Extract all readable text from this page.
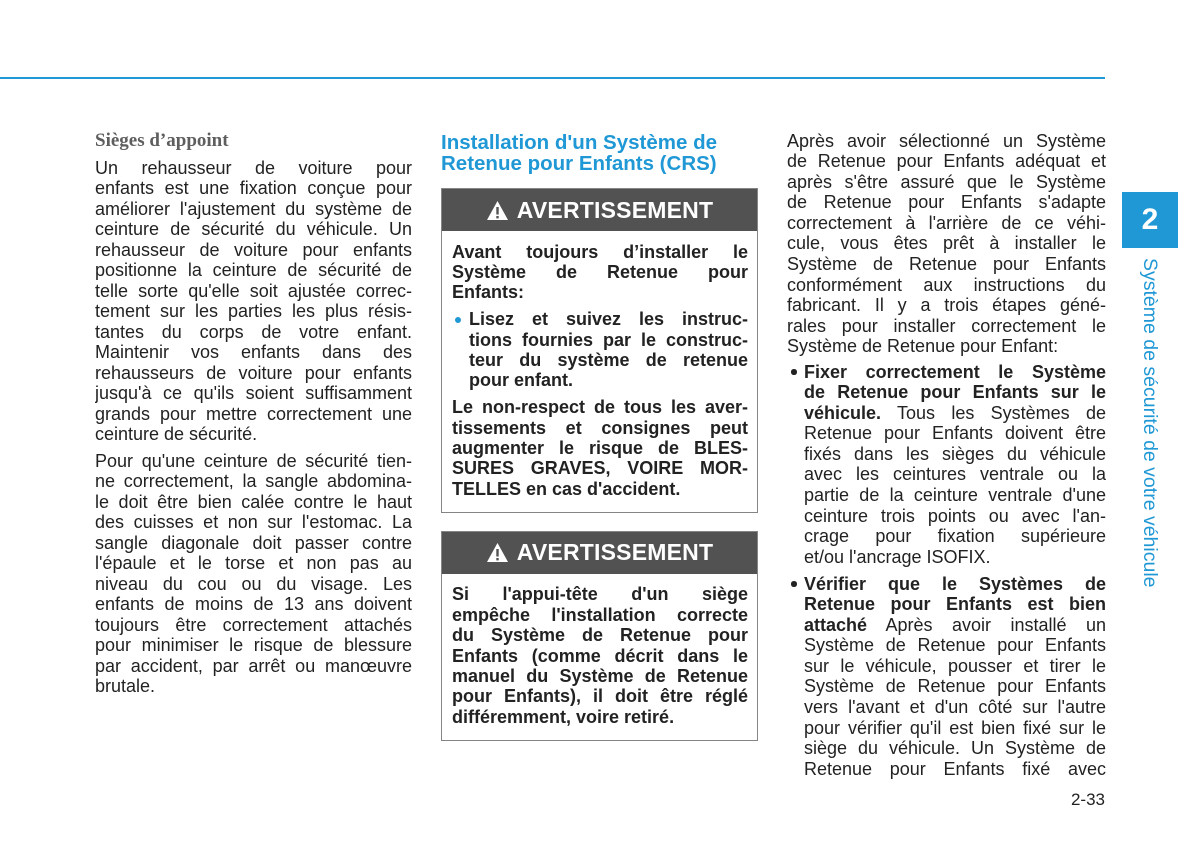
Sièges d’appoint
Un rehausseur de voiture pour
enfants est une fixation conçue pour
améliorer l'ajustement du système de
ceinture de sécurité du véhicule. Un
rehausseur de voiture pour enfants
positionne la ceinture de sécurité de
telle sorte qu'elle soit ajustée correc-
tement sur les parties les plus résis-
tantes du corps de votre enfant.
Maintenir vos enfants dans des
rehausseurs de voiture pour enfants
jusqu'à ce qu'ils soient suffisamment
grands pour mettre correctement une
ceinture de sécurité.
Pour qu'une ceinture de sécurité tien-
ne correctement, la sangle abdomina-
le doit être bien calée contre le haut
des cuisses et non sur l'estomac. La
sangle diagonale doit passer contre
l'épaule et le torse et non pas au
niveau du cou ou du visage. Les
enfants de moins de 13 ans doivent
toujours être correctement attachés
pour minimiser le risque de blessure
par accident, par arrêt ou manœuvre
brutale.
Installation d'un Système de
Retenue pour Enfants (CRS)
AVERTISSEMENT
Avant toujours d’installer le
Système de Retenue pour
Enfants:
Lisez et suivez les instruc-
tions fournies par le construc-
teur du système de retenue
pour enfant.
Le non-respect de tous les aver-
tissements et consignes peut
augmenter le risque de BLES-
SURES GRAVES, VOIRE MOR-
TELLES en cas d'accident.
AVERTISSEMENT
Si l'appui-tête d'un siège
empêche l'installation correcte
du Système de Retenue pour
Enfants (comme décrit dans le
manuel du Système de Retenue
pour Enfants), il doit être réglé
différemment, voire retiré.
Après avoir sélectionné un Système
de Retenue pour Enfants adéquat et
après s'être assuré que le Système
de Retenue pour Enfants s'adapte
correctement à l'arrière de ce véhi-
cule, vous êtes prêt à installer le
Système de Retenue pour Enfants
conformément aux instructions du
fabricant. Il y a trois étapes géné-
rales pour installer correctement le
Système de Retenue pour Enfant:
Fixer correctement le Système
de Retenue pour Enfants sur le
véhicule. Tous les Systèmes de
Retenue pour Enfants doivent être
fixés dans les sièges du véhicule
avec les ceintures ventrale ou la
partie de la ceinture ventrale d'une
ceinture trois points ou avec l'an-
crage pour fixation supérieure
et/ou l'ancrage ISOFIX.
Vérifier que le Systèmes de
Retenue pour Enfants est bien
attaché Après avoir installé un
Système de Retenue pour Enfants
sur le véhicule, pousser et tirer le
Système de Retenue pour Enfants
vers l'avant et d'un côté sur l'autre
pour vérifier qu'il est bien fixé sur le
siège du véhicule. Un Système de
Retenue pour Enfants fixé avec
2
Système de sécurité de votre véhicule
2-33
